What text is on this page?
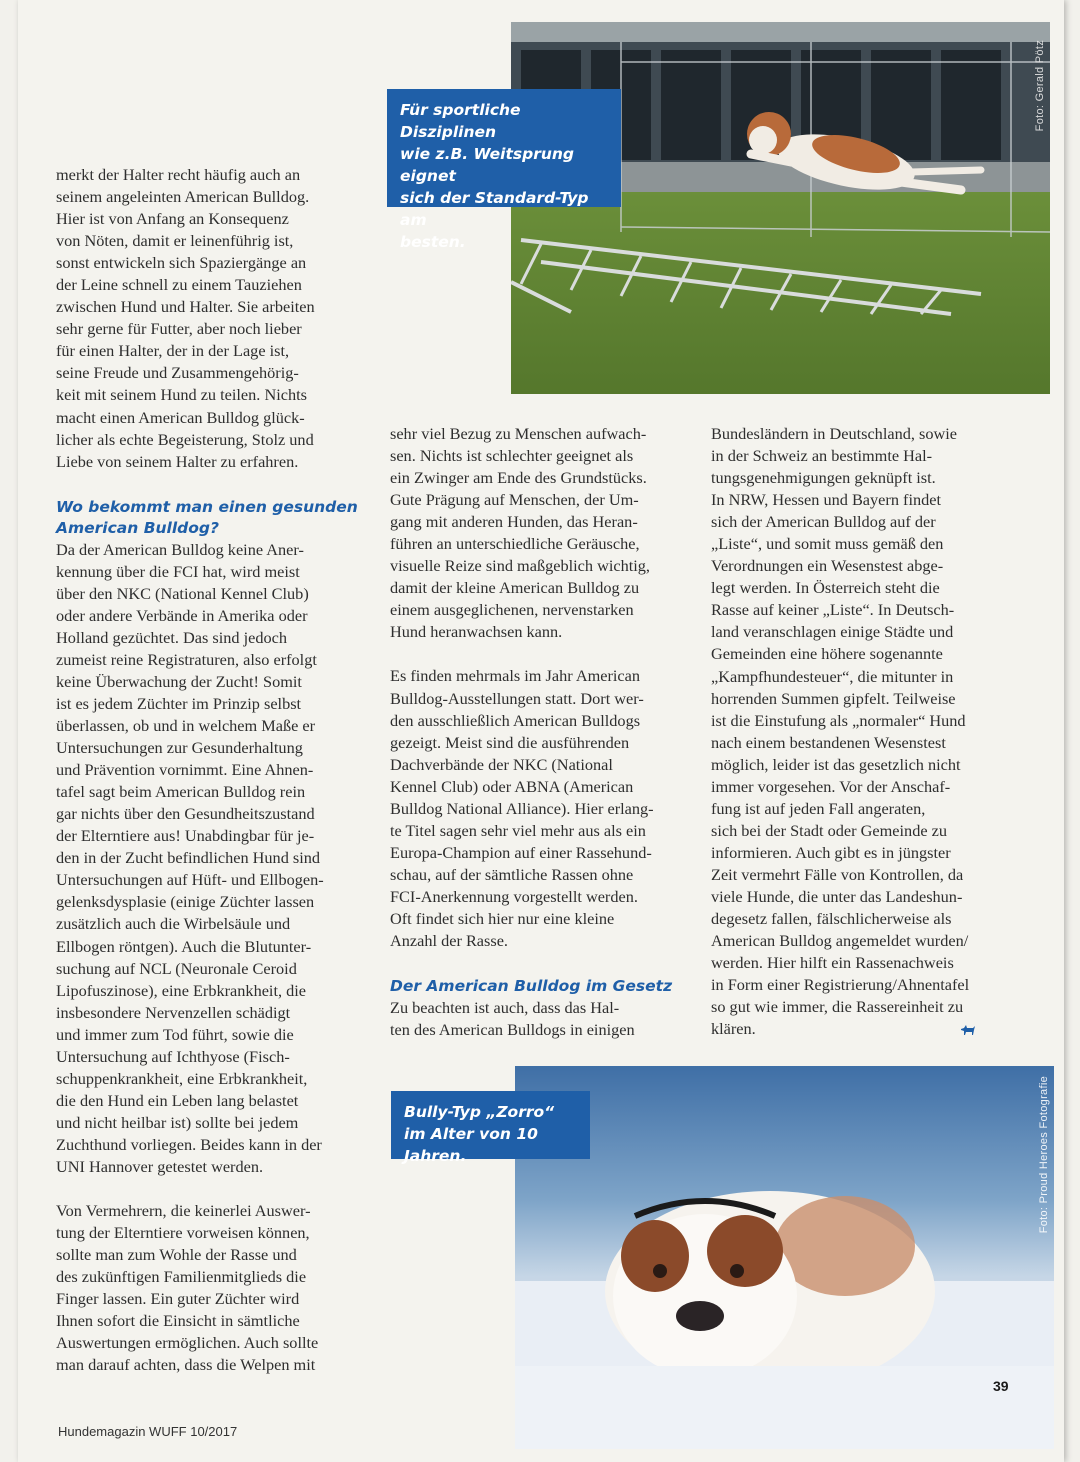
Foto: Gerald Pötz
Für sportliche Disziplinen
wie z.B. Weitsprung eignet
sich der Standard-Typ am
besten.

merkt der Halter recht häufig auch an
seinem angeleinten American Bulldog.
Hier ist von Anfang an Konsequenz
von Nöten, damit er leinenführig ist,
sonst entwickeln sich Spaziergänge an
der Leine schnell zu einem Tauziehen
zwischen Hund und Halter. Sie arbeiten
sehr gerne für Futter, aber noch lieber
für einen Halter, der in der Lage ist,
seine Freude und Zusammengehörig-
keit mit seinem Hund zu teilen. Nichts
macht einen American Bulldog glück-
licher als echte Begeisterung, Stolz und
Liebe von seinem Halter zu erfahren.

Wo bekommt man einen gesunden
American Bulldog?

Da der American Bulldog keine Aner-
kennung über die FCI hat, wird meist
über den NKC (National Kennel Club)
oder andere Verbände in Amerika oder
Holland gezüchtet. Das sind jedoch
zumeist reine Registraturen, also erfolgt
keine Überwachung der Zucht! Somit
ist es jedem Züchter im Prinzip selbst
überlassen, ob und in welchem Maße er
Untersuchungen zur Gesunderhaltung
und Prävention vornimmt. Eine Ahnen-
tafel sagt beim American Bulldog rein
gar nichts über den Gesundheitszustand
der Elterntiere aus! Unabdingbar für je-
den in der Zucht befindlichen Hund sind
Untersuchungen auf Hüft- und Ellbogen-
gelenksdysplasie (einige Züchter lassen
zusätzlich auch die Wirbelsäule und
Ellbogen röntgen). Auch die Blutunter-
suchung auf NCL (Neuronale Ceroid
Lipofuszinose), eine Erbkrankheit, die
insbesondere Nervenzellen schädigt
und immer zum Tod führt, sowie die
Untersuchung auf Ichthyose (Fisch-
schuppenkrankheit, eine Erbkrankheit,
die den Hund ein Leben lang belastet
und nicht heilbar ist) sollte bei jedem
Zuchthund vorliegen. Beides kann in der
UNI Hannover getestet werden.

Von Vermehrern, die keinerlei Auswer-
tung der Elterntiere vorweisen können,
sollte man zum Wohle der Rasse und
des zukünftigen Familienmitglieds die
Finger lassen. Ein guter Züchter wird
Ihnen sofort die Einsicht in sämtliche
Auswertungen ermöglichen. Auch sollte
man darauf achten, dass die Welpen mit

sehr viel Bezug zu Menschen aufwach-
sen. Nichts ist schlechter geeignet als
ein Zwinger am Ende des Grundstücks.
Gute Prägung auf Menschen, der Um-
gang mit anderen Hunden, das Heran-
führen an unterschiedliche Geräusche,
visuelle Reize sind maßgeblich wichtig,
damit der kleine American Bulldog zu
einem ausgeglichenen, nervenstarken
Hund heranwachsen kann.

Es finden mehrmals im Jahr American
Bulldog-Ausstellungen statt. Dort wer-
den ausschließlich American Bulldogs
gezeigt. Meist sind die ausführenden
Dachverbände der NKC (National
Kennel Club) oder ABNA (American
Bulldog National Alliance). Hier erlang-
te Titel sagen sehr viel mehr aus als ein
Europa-Champion auf einer Rassehund-
schau, auf der sämtliche Rassen ohne
FCI-Anerkennung vorgestellt werden.
Oft findet sich hier nur eine kleine
Anzahl der Rasse.

Der American Bulldog im Gesetz

Zu beachten ist auch, dass das Hal-
ten des American Bulldogs in einigen

Bundesländern in Deutschland, sowie
in der Schweiz an bestimmte Hal-
tungsgenehmigungen geknüpft ist.
In NRW, Hessen und Bayern findet
sich der American Bulldog auf der
„Liste“, und somit muss gemäß den
Verordnungen ein Wesenstest abge-
legt werden. In Österreich steht die
Rasse auf keiner „Liste“. In Deutsch-
land veranschlagen einige Städte und
Gemeinden eine höhere sogenannte
„Kampfhundesteuer“, die mitunter in
horrenden Summen gipfelt. Teilweise
ist die Einstufung als „normaler“ Hund
nach einem bestandenen Wesenstest
möglich, leider ist das gesetzlich nicht
immer vorgesehen. Vor der Anschaf-
fung ist auf jeden Fall angeraten,
sich bei der Stadt oder Gemeinde zu
informieren. Auch gibt es in jüngster
Zeit vermehrt Fälle von Kontrollen, da
viele Hunde, die unter das Landeshun-
degesetz fallen, fälschlicherweise als
American Bulldog angemeldet wurden/
werden. Hier hilft ein Rassenachweis
in Form einer Registrierung/Ahnentafel
so gut wie immer, die Rassereinheit zu
klären.

Foto: Proud Heroes Fotografie
Bully-Typ „Zorro“
im Alter von 10 Jahren.
Hundemagazin WUFF 10/2017
39
